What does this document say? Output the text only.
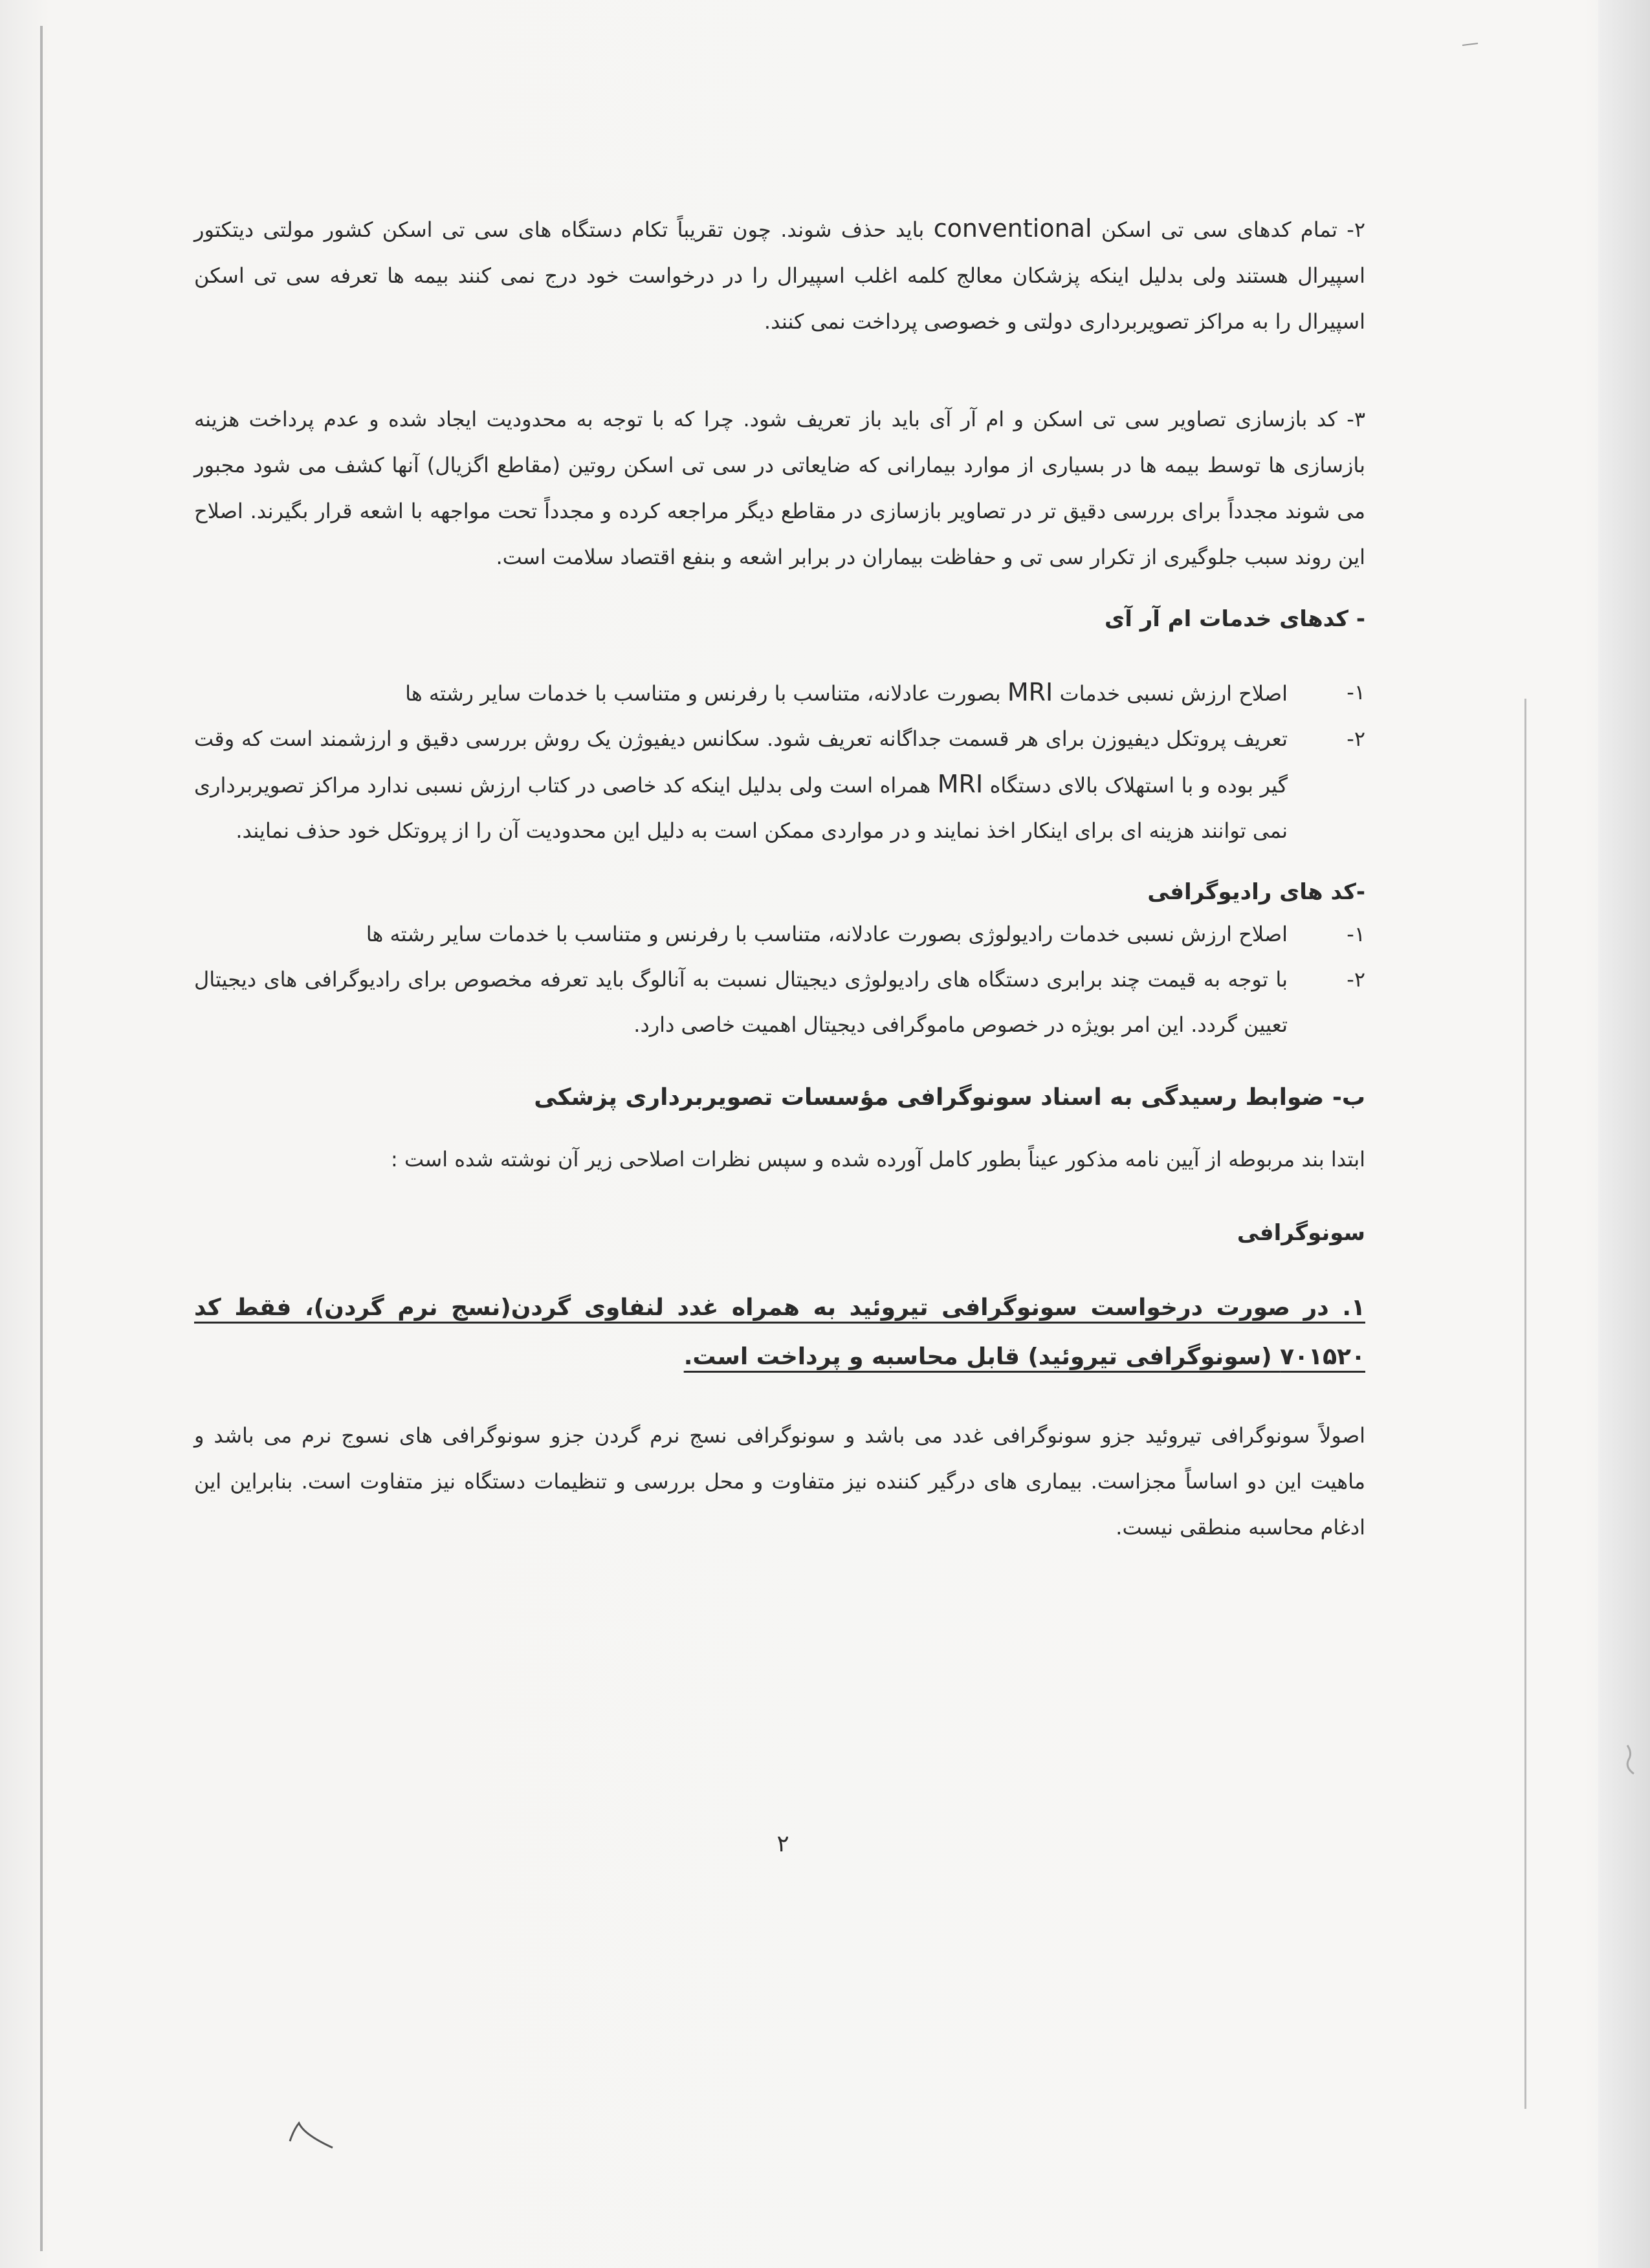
۲- تمام کدهای سی تی اسکن conventional باید حذف شوند. چون تقریباً تکام دستگاه های سی تی اسکن کشور مولتی دیتکتور اسپیرال هستند ولی بدلیل اینکه پزشکان معالج کلمه اغلب اسپیرال را در درخواست خود درج نمی کنند بیمه ها تعرفه سی تی اسکن اسپیرال را به مراکز تصویربرداری دولتی و خصوصی پرداخت نمی کنند.

۳- کد بازسازی تصاویر سی تی اسکن و ام آر آی باید باز تعریف شود. چرا که با توجه به محدودیت ایجاد شده و عدم پرداخت هزینه بازسازی ها توسط بیمه ها در بسیاری از موارد بیمارانی که ضایعاتی در سی تی اسکن روتین (مقاطع اگزیال) آنها کشف می شود مجبور می شوند مجدداً برای بررسی دقیق تر در تصاویر بازسازی در مقاطع دیگر مراجعه کرده و مجدداً تحت مواجهه با اشعه قرار بگیرند. اصلاح این روند سبب جلوگیری از تکرار سی تی و حفاظت بیماران در برابر اشعه و بنفع اقتصاد سلامت است.

- کدهای خدمات ام آر آی

۱-
اصلاح ارزش نسبی خدمات MRI بصورت عادلانه، متناسب با رفرنس و متناسب با خدمات سایر رشته ها
۲-
تعریف پروتکل دیفیوزن برای هر قسمت جداگانه تعریف شود. سکانس دیفیوژن یک روش بررسی دقیق و ارزشمند است که وقت گیر بوده و با استهلاک بالای دستگاه MRI همراه است ولی بدلیل اینکه کد خاصی در کتاب ارزش نسبی ندارد مراکز تصویربرداری نمی توانند هزینه ای برای اینکار اخذ نمایند و در مواردی ممکن است به دلیل این محدودیت آن را از پروتکل خود حذف نمایند.

-کد های رادیوگرافی

۱-
اصلاح ارزش نسبی خدمات رادیولوژی بصورت عادلانه، متناسب با رفرنس و متناسب با خدمات سایر رشته ها
۲-
با توجه به قیمت چند برابری دستگاه های رادیولوژی دیجیتال نسبت به آنالوگ باید تعرفه مخصوص برای رادیوگرافی های دیجیتال تعیین گردد. این امر بویژه در خصوص ماموگرافی دیجیتال اهمیت خاصی دارد.

ب- ضوابط رسیدگی به اسناد سونوگرافی مؤسسات تصویربرداری پزشکی

ابتدا بند مربوطه از آیین نامه مذکور عیناً بطور کامل آورده شده و سپس نظرات اصلاحی زیر آن نوشته شده است :

سونوگرافی

۱. در صورت درخواست سونوگرافی تیروئید به همراه غدد لنفاوی گردن(نسج نرم گردن)، فقط کد ۷۰۱۵۲۰ (سونوگرافی تیروئید) قابل محاسبه و پرداخت است.

اصولاً سونوگرافی تیروئید جزو سونوگرافی غدد می باشد و سونوگرافی نسج نرم گردن جزو سونوگرافی های نسوج نرم می باشد و ماهیت این دو اساساً مجزاست. بیماری های درگیر کننده نیز متفاوت و محل بررسی و تنظیمات دستگاه نیز متفاوت است. بنابراین این ادغام محاسبه منطقی نیست.

۲
